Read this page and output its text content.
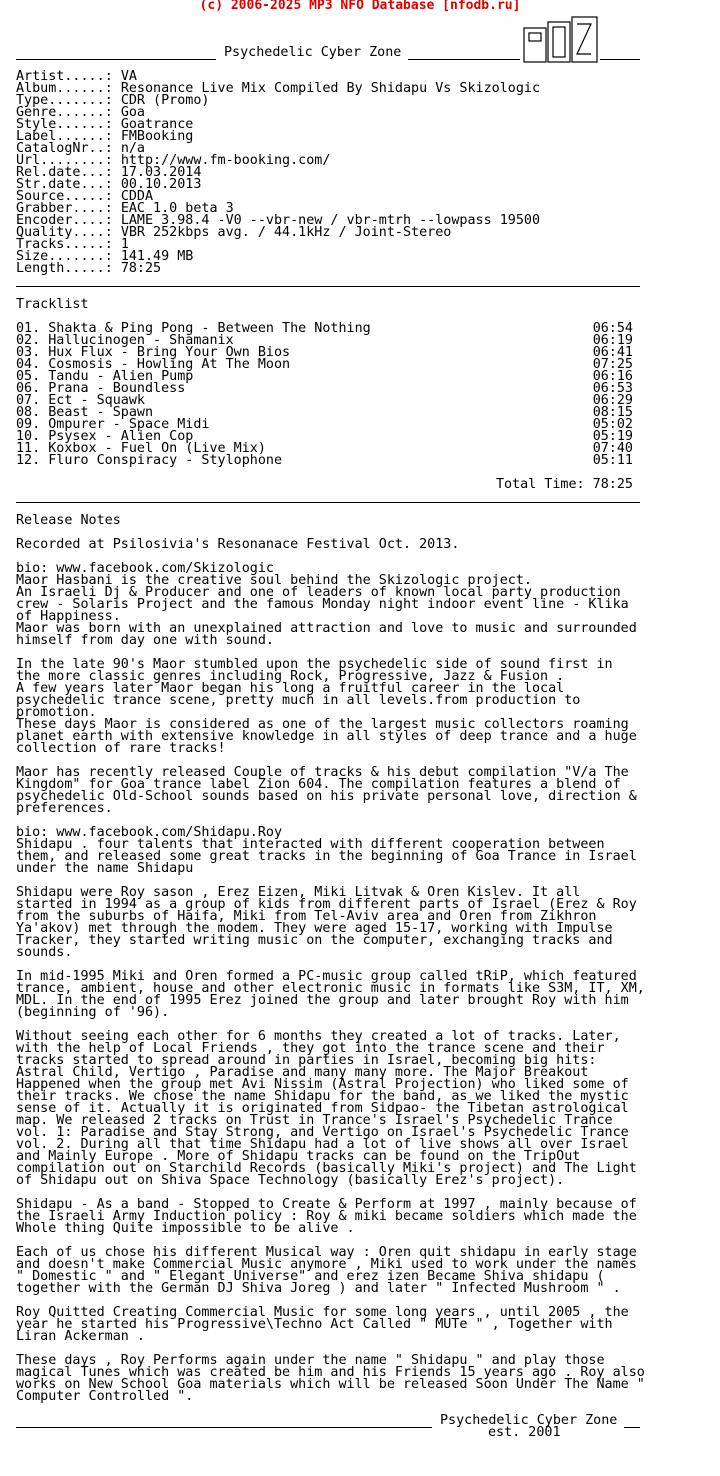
(c) 2006-2025 MP3 NFO Database [nfodb.ru]
Psychedelic Cyber Zone
Artist.....: VA
Album......: Resonance Live Mix Compiled By Shidapu Vs Skizologic
Type.......: CDR (Promo)
Genre......: Goa
Style......: Goatrance
Label......: FMBooking
CatalogNr..: n/a
Url........: http://www.fm-booking.com/
Rel.date...: 17.03.2014
Str.date...: 00.10.2013
Source.....: CDDA
Grabber....: EAC 1.0 beta 3
Encoder....: LAME 3.98.4 -V0 --vbr-new / vbr-mtrh --lowpass 19500
Quality....: VBR 252kbps avg. / 44.1kHz / Joint-Stereo
Tracks.....: 1
Size.......: 141.49 MB
Length.....: 78:25
Tracklist
01. Shakta & Ping Pong - Between The Nothing	06:54
02. Hallucinogen - Shamanix	06:19
03. Hux Flux - Bring Your Own Bios	06:41
04. Cosmosis - Howling At The Moon	07:25
05. Tandu - Alien Pump	06:16
06. Prana - Boundless	06:53
07. Ect - Squawk	06:29
08. Beast - Spawn	08:15
09. Ompurer - Space Midi	05:02
10. Psysex - Alien Cop	05:19
11. Koxbox - Fuel On (Live Mix)	07:40
12. Fluro Conspiracy - Stylophone	05:11
Total Time: 78:25
Release Notes
Recorded at Psilosivia's Resonanace Festival Oct. 2013.

bio: www.facebook.com/Skizologic
Maor Hasbani is the creative soul behind the Skizologic project.
An Israeli Dj & Producer and one of leaders of known local party production
crew - Solaris Project and the famous Monday night indoor event line - Klika
of Happiness.
Maor was born with an unexplained attraction and love to music and surrounded
himself from day one with sound.

In the late 90's Maor stumbled upon the psychedelic side of sound first in
the more classic genres including Rock, Progressive, Jazz & Fusion .
A few years later Maor began his long a fruitful career in the local
psychedelic trance scene, pretty much in all levels.from production to
promotion.
These days Maor is considered as one of the largest music collectors roaming
planet earth with extensive knowledge in all styles of deep trance and a huge
collection of rare tracks!

Maor has recently released Couple of tracks & his debut compilation "V/a The
Kingdom" for Goa trance label Zion 604. The compilation features a blend of
psychedelic Old-School sounds based on his private personal love, direction &
preferences.

bio: www.facebook.com/Shidapu.Roy
Shidapu . four talents that interacted with different cooperation between
them, and released some great tracks in the beginning of Goa Trance in Israel
under the name Shidapu

Shidapu were Roy sason , Erez Eizen, Miki Litvak & Oren Kislev. It all
started in 1994 as a group of kids from different parts of Israel (Erez & Roy
from the suburbs of Haifa, Miki from Tel-Aviv area and Oren from Zikhron
Ya'akov) met through the modem. They were aged 15-17, working with Impulse
Tracker, they started writing music on the computer, exchanging tracks and
sounds.

In mid-1995 Miki and Oren formed a PC-music group called tRiP, which featured
trance, ambient, house and other electronic music in formats like S3M, IT, XM,
MDL. In the end of 1995 Erez joined the group and later brought Roy with him
(beginning of '96).

Without seeing each other for 6 months they created a lot of tracks. Later,
with the help of Local Friends , they got into the trance scene and their
tracks started to spread around in parties in Israel, becoming big hits:
Astral Child, Vertigo , Paradise and many many more. The Major Breakout
Happened when the group met Avi Nissim (Astral Projection) who liked some of
their tracks. We chose the name Shidapu for the band, as we liked the mystic
sense of it. Actually it is originated from Sidpao- the Tibetan astrological
map. We released 2 tracks on Trust in Trance's Israel's Psychedelic Trance
vol. 1: Paradise and Stay Strong, and Vertigo on Israel's Psychedelic Trance
vol. 2. During all that time Shidapu had a lot of live shows all over Israel
and Mainly Europe . More of Shidapu tracks can be found on the TripOut
compilation out on Starchild Records (basically Miki's project) and The Light
of Shidapu out on Shiva Space Technology (basically Erez's project).

Shidapu - As a band - Stopped to Create & Perform at 1997 , mainly because of
the Israeli Army Induction policy : Roy & miki became soldiers which made the
Whole thing Quite impossible to be alive .

Each of us chose his different Musical way : Oren quit shidapu in early stage
and doesn't make Commercial Music anymore , Miki used to work under the names
" Domestic " and " Elegant Universe" and erez izen Became Shiva shidapu (
together with the German DJ Shiva Joreg ) and later " Infected Mushroom " .

Roy Quitted Creating Commercial Music for some long years , until 2005 , the
year he started his Progressive\Techno Act Called " MUTe " , Together with
Liran Ackerman .

These days , Roy Performs again under the name " Shidapu " and play those
magical Tunes which was created be him and his Friends 15 years ago . Roy also
works on New School Goa materials which will be released Soon Under The Name "
Computer Controlled ".
Psychedelic Cyber Zone
est. 2001
